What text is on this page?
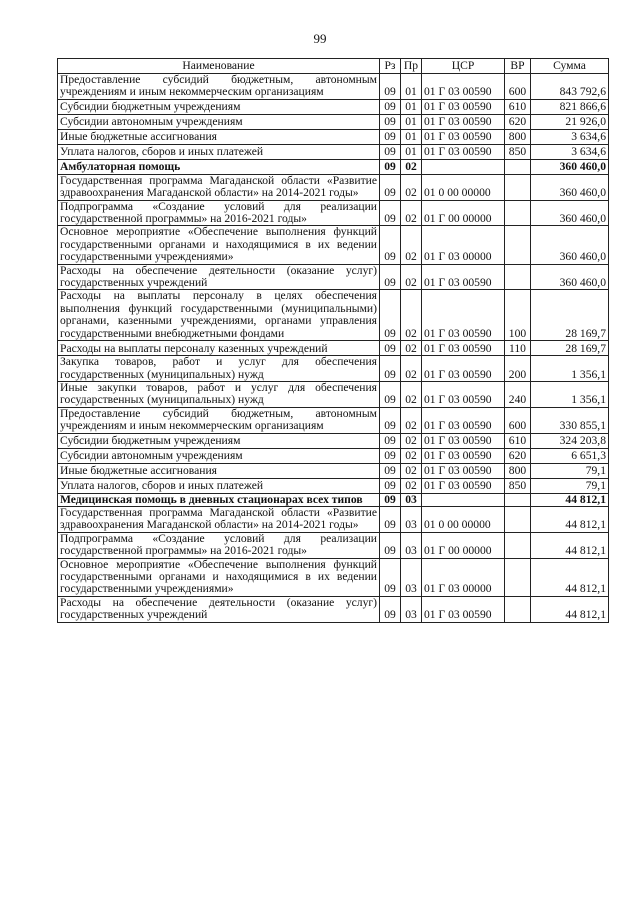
99
Наименование	Рз	Пр	ЦСР	ВР	Сумма
Предоставление субсидий бюджетным, автономным учреждениям и иным некоммерческим организациям	09	01	01 Г 03 00590	600	843 792,6
Субсидии бюджетным учреждениям	09	01	01 Г 03 00590	610	821 866,6
Субсидии автономным учреждениям	09	01	01 Г 03 00590	620	21 926,0
Иные бюджетные ассигнования	09	01	01 Г 03 00590	800	3 634,6
Уплата налогов, сборов и иных платежей	09	01	01 Г 03 00590	850	3 634,6
Амбулаторная помощь	09	02			360 460,0
Государственная программа Магаданской области «Развитие здравоохранения Магаданской области» на 2014-2021 годы»	09	02	01 0 00 00000		360 460,0
Подпрограмма «Создание условий для реализации государственной программы» на 2016-2021 годы»	09	02	01 Г 00 00000		360 460,0
Основное мероприятие «Обеспечение выполнения функций государственными органами и находящимися в их ведении государственными учреждениями»	09	02	01 Г 03 00000		360 460,0
Расходы на обеспечение деятельности (оказание услуг) государственных учреждений	09	02	01 Г 03 00590		360 460,0
Расходы на выплаты персоналу в целях обеспечения выполнения функций государственными (муниципальными) органами, казенными учреждениями, органами управления государственными внебюджетными фондами	09	02	01 Г 03 00590	100	28 169,7
Расходы на выплаты персоналу казенных учреждений	09	02	01 Г 03 00590	110	28 169,7
Закупка товаров, работ и услуг для обеспечения государственных (муниципальных) нужд	09	02	01 Г 03 00590	200	1 356,1
Иные закупки товаров, работ и услуг для обеспечения государственных (муниципальных) нужд	09	02	01 Г 03 00590	240	1 356,1
Предоставление субсидий бюджетным, автономным учреждениям и иным некоммерческим организациям	09	02	01 Г 03 00590	600	330 855,1
Субсидии бюджетным учреждениям	09	02	01 Г 03 00590	610	324 203,8
Субсидии автономным учреждениям	09	02	01 Г 03 00590	620	6 651,3
Иные бюджетные ассигнования	09	02	01 Г 03 00590	800	79,1
Уплата налогов, сборов и иных платежей	09	02	01 Г 03 00590	850	79,1
Медицинская помощь в дневных стационарах всех типов	09	03			44 812,1
Государственная программа Магаданской области «Развитие здравоохранения Магаданской области» на 2014-2021 годы»	09	03	01 0 00 00000		44 812,1
Подпрограмма «Создание условий для реализации государственной программы» на 2016-2021 годы»	09	03	01 Г 00 00000		44 812,1
Основное мероприятие «Обеспечение выполнения функций государственными органами и находящимися в их ведении государственными учреждениями»	09	03	01 Г 03 00000		44 812,1
Расходы на обеспечение деятельности (оказание услуг) государственных учреждений	09	03	01 Г 03 00590		44 812,1
